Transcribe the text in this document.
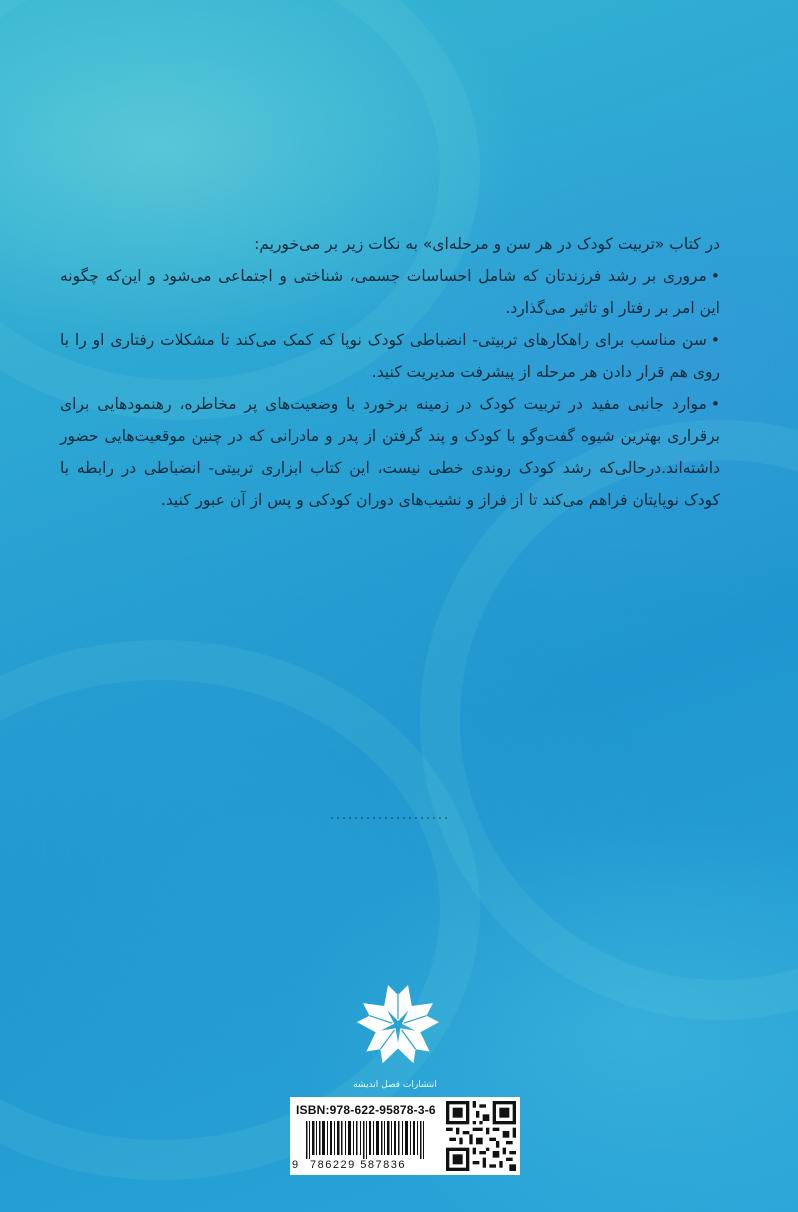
در کتاب «تربیت کودک در هر سن و مرحله‌ای» به نکات زیر بر می‌خوریم:

•مروری بر رشد فرزندتان که شامل احساسات جسمی، شناختی و اجتماعی می‌شود و این‌که چگونه این امر بر رفتار او تاثیر می‌گذارد.

•سن مناسب برای راهکارهای تربیتی- انضباطی کودک نوپا که کمک می‌کند تا مشکلات رفتاری او را با روی هم قرار دادن هر مرحله از پیشرفت مدیریت کنید.

•موارد جانبی مفید در تربیت کودک در زمینه برخورد با وضعیت‌های پر مخاطره، رهنمودهایی برای برقراری بهترین شیوه گفت‌وگو با کودک و پند گرفتن از پدر و مادرانی که در چنین موقعیت‌هایی حضور داشته‌اند.درحالی‌که رشد کودک روندی خطی نیست، این کتاب ابزاری تربیتی- انضباطی در رابطه با کودک نوپایتان فراهم می‌کند تا از فراز و نشیب‌های دوران کودکی و پس از آن عبور کنید.

انتشارات فصل اندیشه
ISBN:978-622-95878-3-6
9 786229 587836
